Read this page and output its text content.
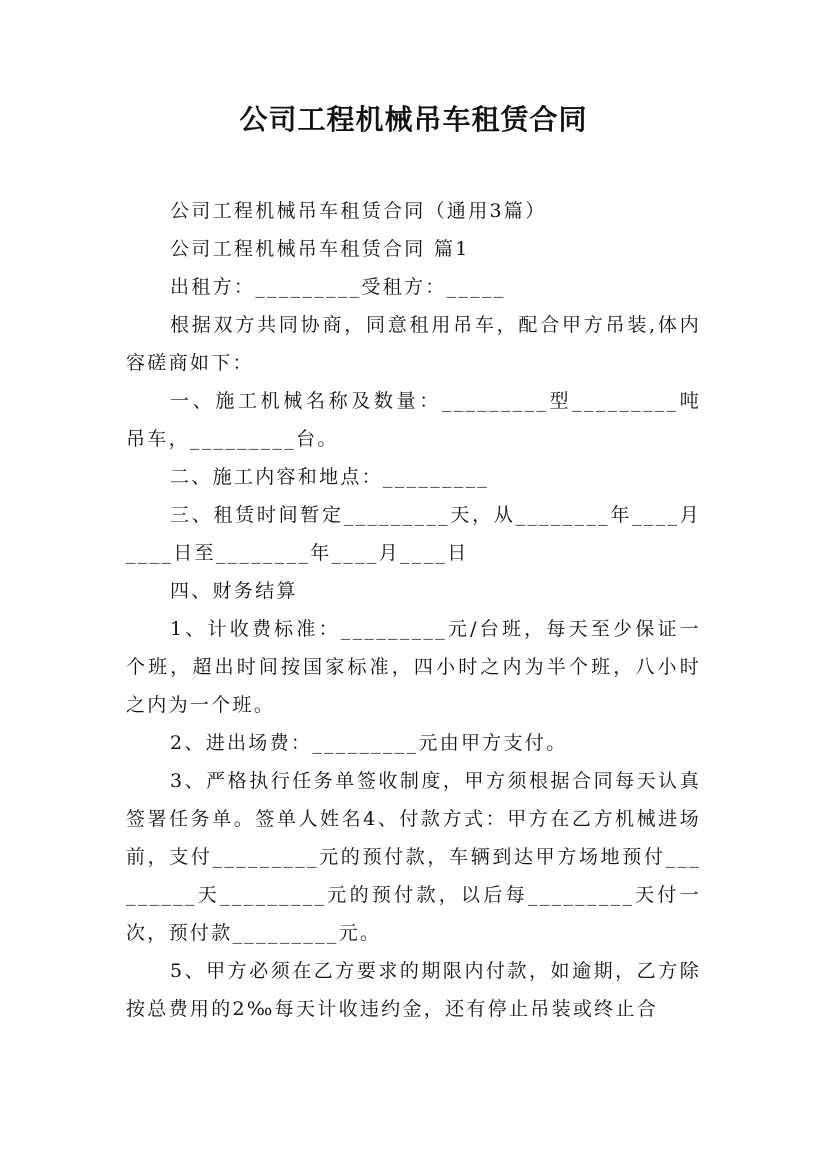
公司工程机械吊车租赁合同

公司工程机械吊车租赁合同（通用3篇）

公司工程机械吊车租赁合同 篇1

出租方：_________受租方：_____

根据双方共同协商，同意租用吊车，配合甲方吊装,体内容磋商如下：

一、施工机械名称及数量：_________型_________吨吊车，_________台。

二、施工内容和地点：_________

三、租赁时间暂定_________天，从________年____月____日至________年____月____日

四、财务结算

1、计收费标准：_________元/台班，每天至少保证一个班，超出时间按国家标准，四小时之内为半个班，八小时之内为一个班。

2、进出场费：_________元由甲方支付。

3、严格执行任务单签收制度，甲方须根据合同每天认真签署任务单。签单人姓名4、付款方式：甲方在乙方机械进场前，支付_________元的预付款，车辆到达甲方场地预付_________天_________元的预付款，以后每_________天付一次，预付款_________元。

5、甲方必须在乙方要求的期限内付款，如逾期，乙方除按总费用的2‰每天计收违约金，还有停止吊装或终止合
